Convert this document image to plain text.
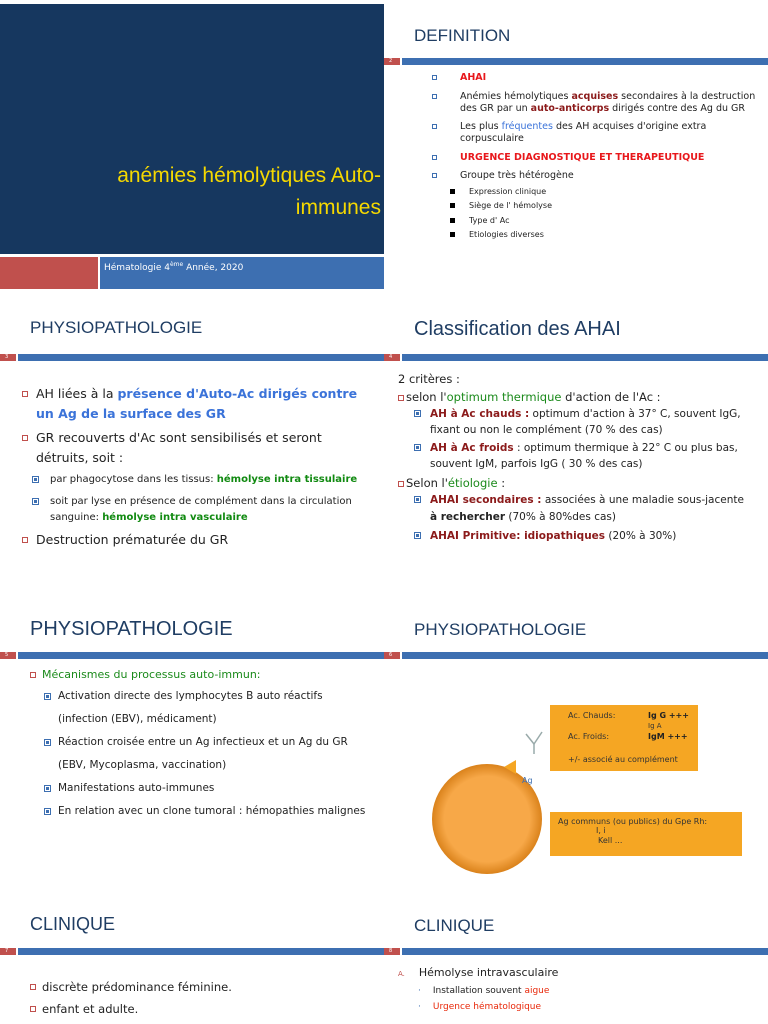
anémies hémolytiques Auto-
immunes
Hématologie 4ème Année, 2020
DEFINITION
2
AHAI
Anémies hémolytiques acquises secondaires à la destruction des GR par un auto-anticorps dirigés contre des Ag du GR
Les plus fréquentes des AH acquises d'origine extra corpusculaire
URGENCE DIAGNOSTIQUE ET THERAPEUTIQUE
Groupe très hétérogène
Expression clinique
Siège de l' hémolyse
Type d' Ac
Etiologies diverses
PHYSIOPATHOLOGIE
3
AH liées à la présence d'Auto-Ac dirigés contre un Ag de la surface des GR
GR recouverts d'Ac sont sensibilisés et seront détruits, soit :
par phagocytose dans les tissus: hémolyse intra tissulaire
soit par lyse en présence de complément dans la circulation sanguine: hémolyse intra vasculaire
Destruction prématurée du GR
Classification des AHAI
4
2 critères :
selon l'optimum thermique d'action de l'Ac :
AH à Ac chauds : optimum d'action à 37° C, souvent IgG, fixant ou non le complément (70 % des cas)
AH à Ac froids : optimum thermique à 22° C ou plus bas, souvent IgM, parfois IgG ( 30 % des cas)
Selon l'étiologie :
AHAI secondaires : associées à une maladie sous-jacente à rechercher (70% à 80%des cas)
AHAI Primitive: idiopathiques (20% à 30%)
PHYSIOPATHOLOGIE
5
Mécanismes du processus auto-immun:
Activation directe des lymphocytes B auto réactifs (infection (EBV), médicament)
Réaction croisée entre un Ag infectieux et un Ag du GR (EBV, Mycoplasma, vaccination)
Manifestations auto-immunes
En relation avec un clone tumoral : hémopathies malignes
PHYSIOPATHOLOGIE
6
Ag
Ac. Chauds:	Ig G +++
Ig A
Ac. Froids:	IgM +++
+/- associé au complément
Ag communs (ou publics) du Gpe Rh:
I, i
Kell ...
CLINIQUE
7
discrète prédominance féminine.
enfant et adulte.
CLINIQUE
8
A. Hémolyse intravasculaire
· Installation souvent aigue
· Urgence hématologique
